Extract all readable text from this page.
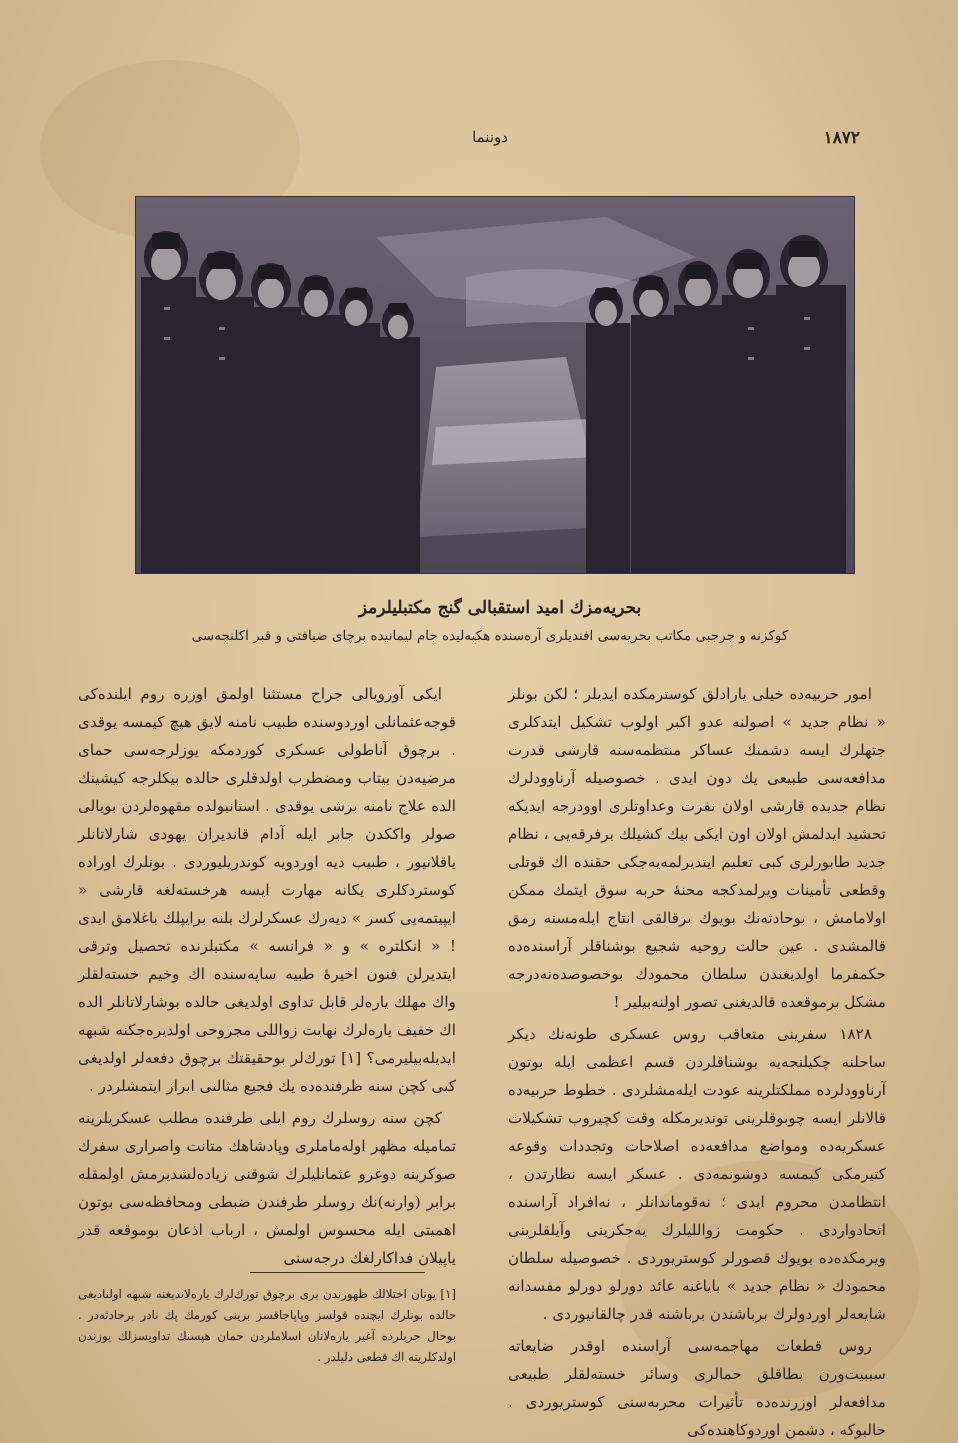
١٨٧٢
دوننما
بحریه‌مزك امید استقبالی گنج مكتبلیلرمز
كوكزنه و جرجبی مكاتب بحریه‌سی افندیلری آره‌سنده هکبه‌لیده جام لیمانیده برچای ضیافتی و قبر اكلنجه‌سی

امور حربیه‌ده خیلی یارادلق كوسترمكده ایدیلر ؛ لكن بونلر « نظام جدید » اصولنه عدو اكبر اولوب تشكیل ایتدكلری جتهلرك ایسه دشمنك عساكر منتظمه‌سنه قارشی قدرت مدافعه‌سی طبیعی یك دون ایدی . خصوصیله آرناوودلرك نظام جدیده قارشی اولان نفرت وعداوتلری اوودرجه ایدیكه تحشید ایدلمش اولان اون ایكی بیك كشیلك برفرقه‌یی ، نظام جدید طابورلری كبی تعلیم ایتدیرلمه‌یه‌جكی حقنده اك قوتلی وقطعی تأمینات ویرلمدكجه محنهٔ حربه سوق ایتمك ممكن اولامامش ، بوحادثه‌نك بویوك برقالقی انتاج ایله‌مسنه رمق قالمشدی . عین حالت روحیه شجیع بوشناقلر آراسنده‌ده حكمفرما اولدیغندن سلطان محمودك بوخصوصده‌نه‌درجه مشكل برموقعده قالدیغنی تصور اولنه‌بیلیر !

١٨٢٨ سفرینی متعاقب روس عسكری طونه‌نك دیكر ساحلنه چكیلنجه‌یه بوشناقلردن قسم اعظمی ایله‌ بوتون آرناوودلرده مملكتلرینه عودت ایله‌مشلردی . خطوط حربیه‌ده قالانلر ایسه چوبوقلرینی توندیرمكله وقت كچیروب تشكیلات عسكریه‌ده ومواضع مدافعه‌ده اصلاحات وتجددات وقوعه كتیرمكی كیمسه دوشونمه‌دی . عسكر ایسه نظارتدن ، انتظامدن محروم ایدی ؛ نه‌قوماندانلر ، نه‌افراد آراسنده اتحادواردی . حكومت زواللیلرك یه‌جكرینی وآیلقلرینی ویرمكده‌ده بویوك قصورلر كوستریوردی . خصوصیله سلطان محمودك « نظام جدید » بایاغنه عائد دورلو دورلو مفسدانه شایعه‌لر اوردولرك برباشندن برباشنه قدر چالقانیوردی .

روس قطعات مهاجمه‌سی آراسنده اوقدر ضایعاته سببیت‌ورن بطاقلق حمالری وسائر خسته‌لقلر طبیعی مدافعه‌لر اوزرنده‌ده تأثیرات محربه‌سنی كوستریوردی . حالبوكه ، دشمن اوردوكاهنده‌كی

ایكی آورویالی جراح مستثنا اولمق اوزره روم ایلنده‌كی قوجه‌عثمانلی اوردوسنده طبیب نامنه لایق هیچ كیمسه یوقدی . برچوق آناطولی عسكری كوردمكه یوزلرجه‌سی حمای مرضیه‌دن بیتاب ومضطرب اولدقلری حالده بیكلرجه كیشینك الده علاج نامنه برشی یوقدی . استانبولده مقهوه‌لردن بویالی صولر واككدن جابر ایله آدام قاندیران یهودی شارلاتانلر یاقلانیور ، طبیب دیه اوردویه كوندریلیوردی . بونلرك اوراده كوستردكلری یكانه مهارت ایسه هرخسته‌لغه قارشی « ایپیتمه‌یی كسر » دیه‌رك عسكرلرك بلنه برایپلك باغلامق ایدی ! « انكلتره » و « فرانسه » مكتبلرنده تحصیل وترقی ایتدیرلن فنون اخیرهٔ طبیه ساپه‌سنده اك وخیم خسته‌لقلر واك مهلك یاره‌لر قابل تداوی اولدیغی حالده بوشارلاتانلر الده اك خفیف یاره‌لرك نهایت زواللی مجروحی اولدیره‌جكنه شبهه ایدیله‌بیلیرمی؟ [١] تورك‌لر بوحقیقتك برچوق دفعه‌لر اولدیغی كبی كچن سنه ظرفنده‌ده یك فجیع مثالنی ابراز ایتمشلردر .

كچن سنه روسلرك روم ایلی طرفنده مطلب عسكریلرینه تمامیله مظهر اوله‌ماملری وپادشاهك متانت واصرارى سفرك صوكرینه دوغرو عثمانلیلرك شوقنی زیاده‌لشدیرمش اولمقله برابر (وارنه)نك روسلر طرفندن ضبطی ومحافظه‌سی بوتون اهمیتی ایله محسوس اولمش ، ارباب اذعان بوموقعه قدر یاپیلان فداكارلغك درجه‌سنی

[١] یونان اختلالك ظهورندن بری برچوق تورك‌لرك یاره‌لاندیغنه شبهه اولنادیغی حالده بونلرك ایچنده قولسز وپاپاجاقسز برینی كورمك پك نادر برحادثه‌در . بوحال حربلرده آغیر یاره‌لانان اسلاملردن حمان هپسنك تداویسزلك یوزندن اولدكلرینه اك قطعی دلیلدر .
